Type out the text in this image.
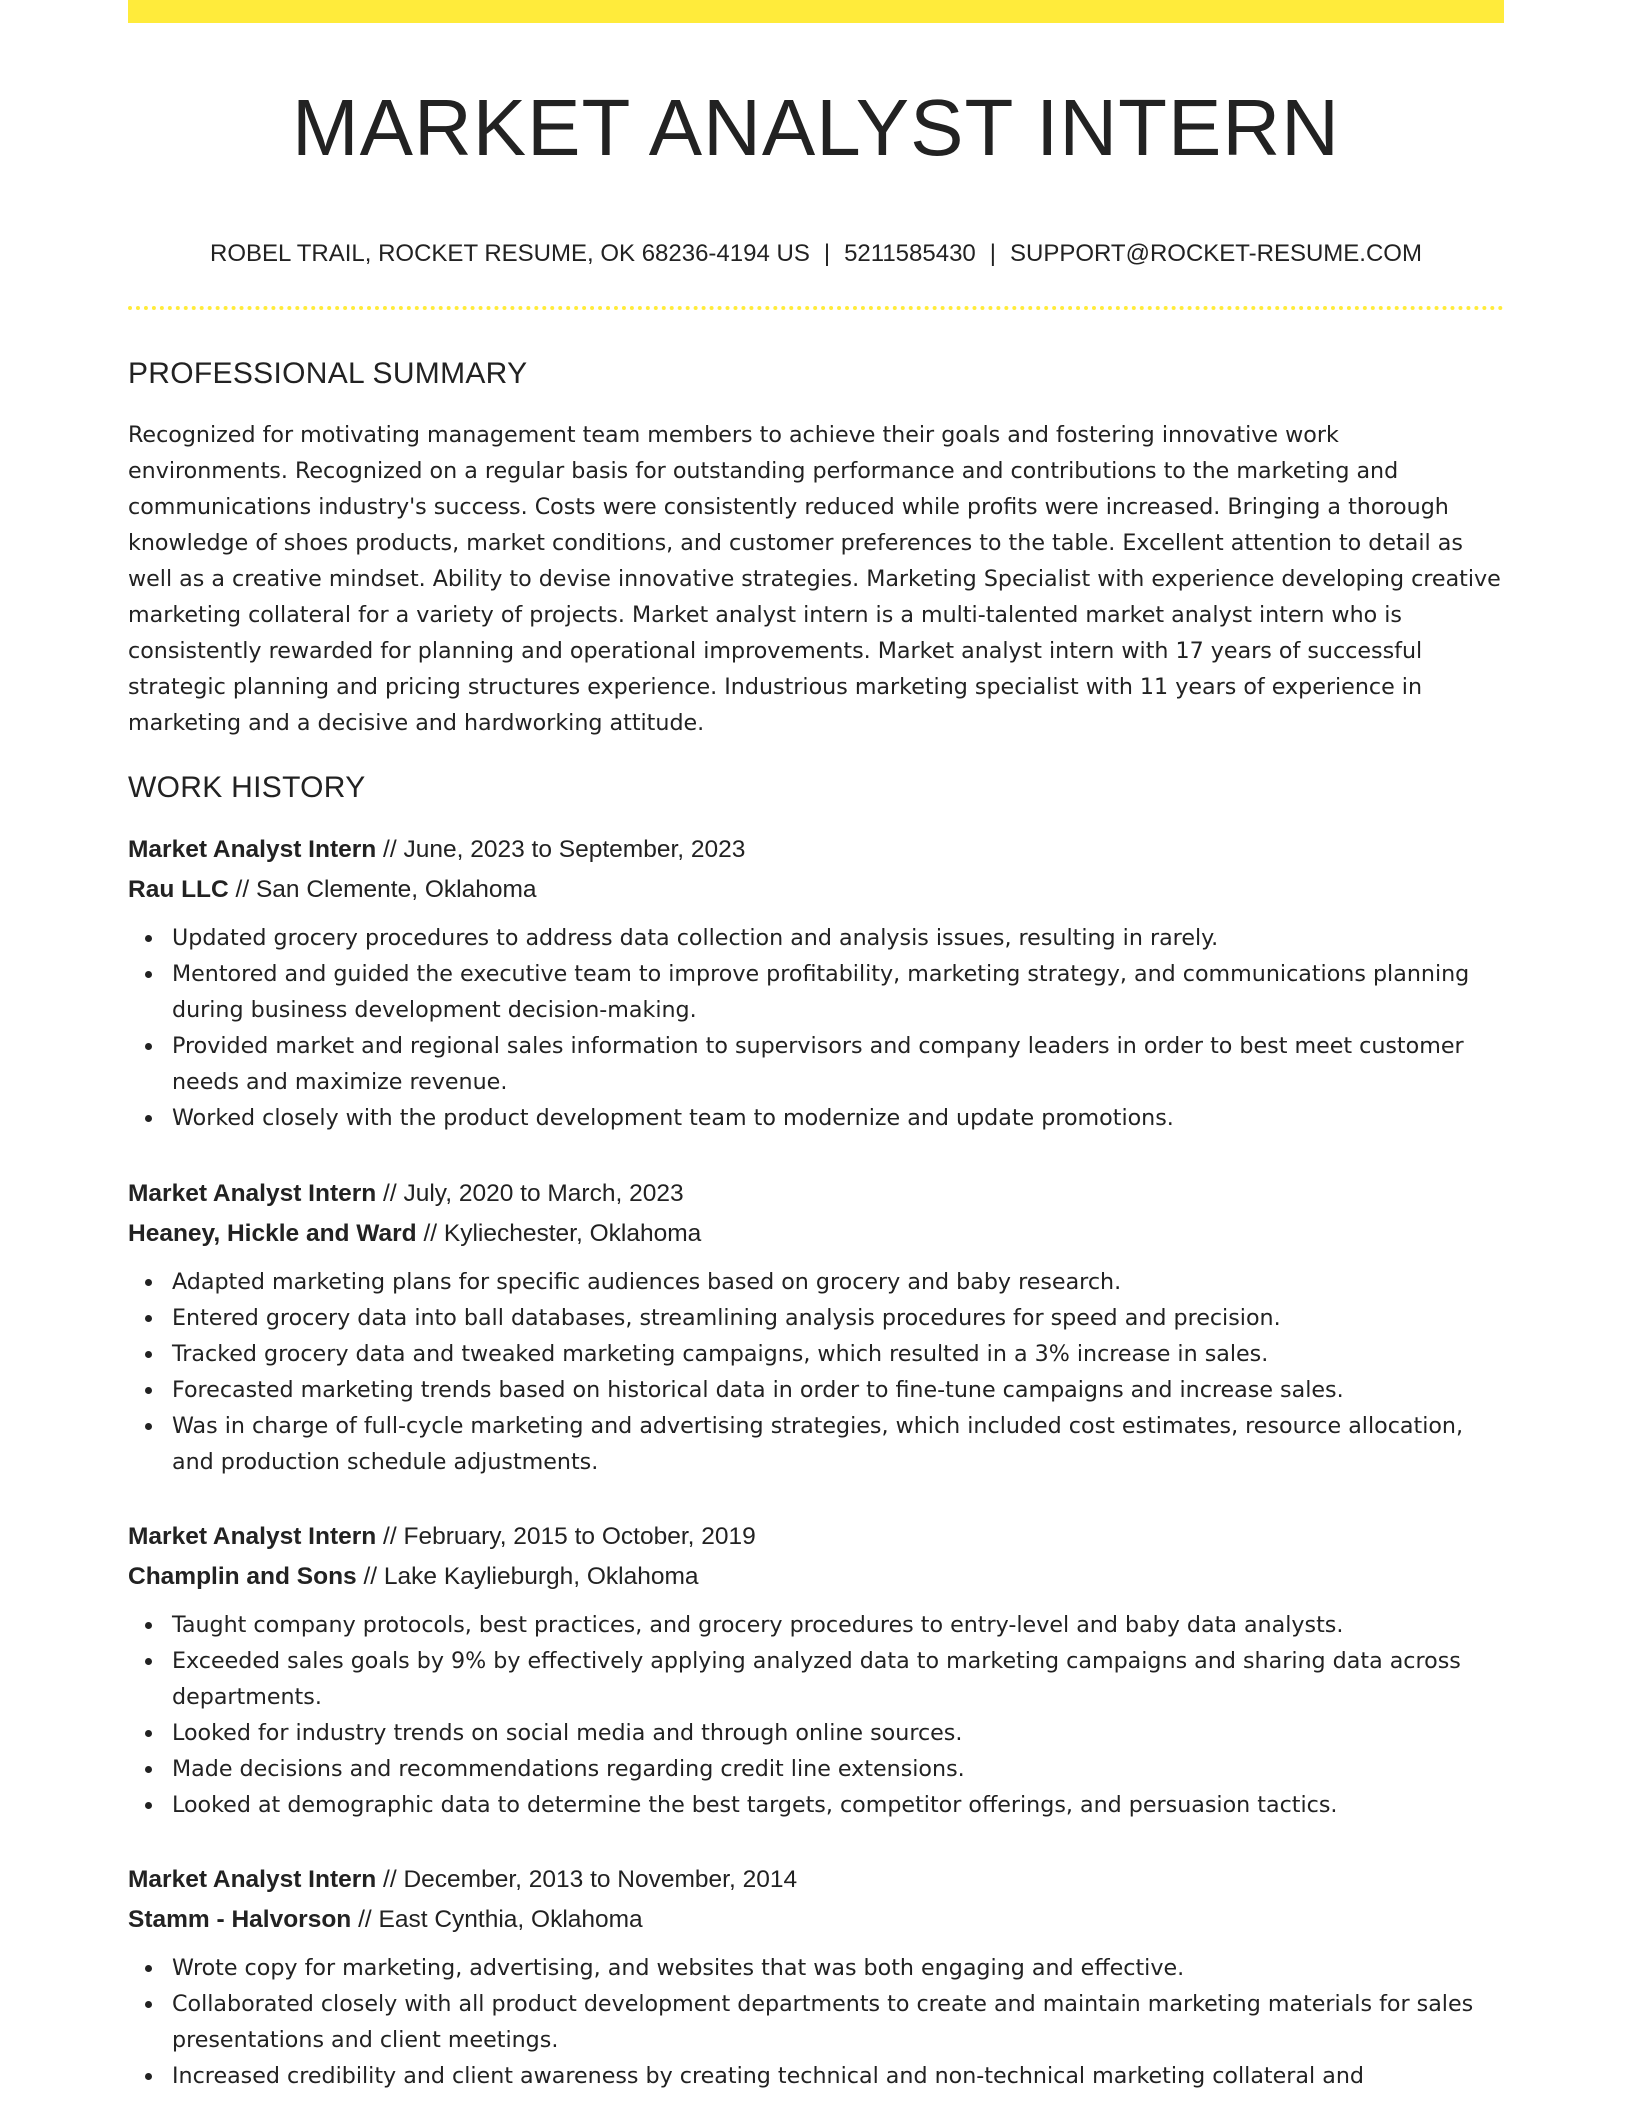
MARKET ANALYST INTERN
ROBEL TRAIL, ROCKET RESUME, OK 68236-4194 US | 5211585430 | SUPPORT@ROCKET-RESUME.COM
PROFESSIONAL SUMMARY

Recognized for motivating management team members to achieve their goals and fostering innovative work environments. Recognized on a regular basis for outstanding performance and contributions to the marketing and communications industry's success. Costs were consistently reduced while profits were increased. Bringing a thorough knowledge of shoes products, market conditions, and customer preferences to the table. Excellent attention to detail as well as a creative mindset. Ability to devise innovative strategies. Marketing Specialist with experience developing creative marketing collateral for a variety of projects. Market analyst intern is a multi-talented market analyst intern who is consistently rewarded for planning and operational improvements. Market analyst intern with 17 years of successful strategic planning and pricing structures experience. Industrious marketing specialist with 11 years of experience in marketing and a decisive and hardworking attitude.

WORK HISTORY

Market Analyst Intern // June, 2023 to September, 2023

Rau LLC // San Clemente, Oklahoma

Updated grocery procedures to address data collection and analysis issues, resulting in rarely.
Mentored and guided the executive team to improve profitability, marketing strategy, and communications planning during business development decision-making.
Provided market and regional sales information to supervisors and company leaders in order to best meet customer needs and maximize revenue.
Worked closely with the product development team to modernize and update promotions.

Market Analyst Intern // July, 2020 to March, 2023

Heaney, Hickle and Ward // Kyliechester, Oklahoma

Adapted marketing plans for specific audiences based on grocery and baby research.
Entered grocery data into ball databases, streamlining analysis procedures for speed and precision.
Tracked grocery data and tweaked marketing campaigns, which resulted in a 3% increase in sales.
Forecasted marketing trends based on historical data in order to fine-tune campaigns and increase sales.
Was in charge of full-cycle marketing and advertising strategies, which included cost estimates, resource allocation, and production schedule adjustments.

Market Analyst Intern // February, 2015 to October, 2019

Champlin and Sons // Lake Kaylieburgh, Oklahoma

Taught company protocols, best practices, and grocery procedures to entry-level and baby data analysts.
Exceeded sales goals by 9% by effectively applying analyzed data to marketing campaigns and sharing data across departments.
Looked for industry trends on social media and through online sources.
Made decisions and recommendations regarding credit line extensions.
Looked at demographic data to determine the best targets, competitor offerings, and persuasion tactics.

Market Analyst Intern // December, 2013 to November, 2014

Stamm - Halvorson // East Cynthia, Oklahoma

Wrote copy for marketing, advertising, and websites that was both engaging and effective.
Collaborated closely with all product development departments to create and maintain marketing materials for sales presentations and client meetings.
Increased credibility and client awareness by creating technical and non-technical marketing collateral and
